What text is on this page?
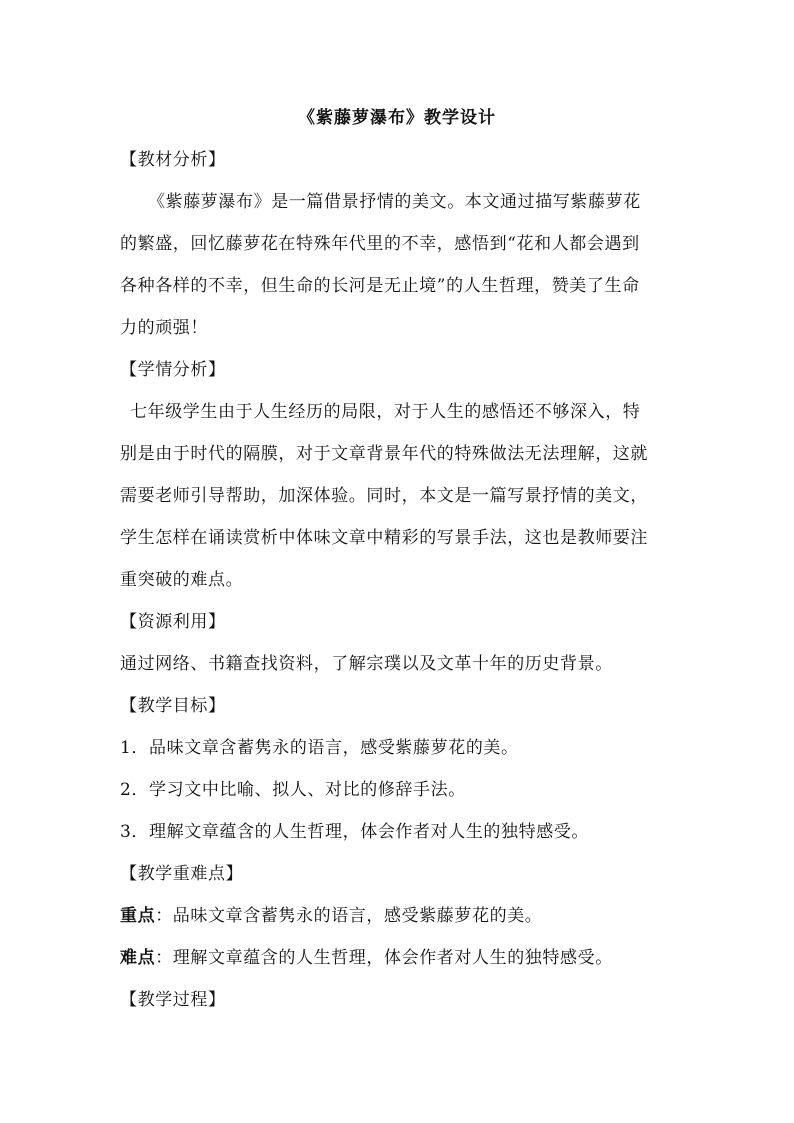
《紫藤萝瀑布》教学设计
【教材分析】
《紫藤萝瀑布》是一篇借景抒情的美文。本文通过描写紫藤萝花
的繁盛，回忆藤萝花在特殊年代里的不幸，感悟到“花和人都会遇到
各种各样的不幸，但生命的长河是无止境”的人生哲理，赞美了生命
力的顽强！
【学情分析】
七年级学生由于人生经历的局限，对于人生的感悟还不够深入，特
别是由于时代的隔膜，对于文章背景年代的特殊做法无法理解，这就
需要老师引导帮助，加深体验。同时，本文是一篇写景抒情的美文，
学生怎样在诵读赏析中体味文章中精彩的写景手法，这也是教师要注
重突破的难点。
【资源利用】
通过网络、书籍查找资料，了解宗璞以及文革十年的历史背景。
【教学目标】
1．品味文章含蓄隽永的语言，感受紫藤萝花的美。
2．学习文中比喻、拟人、对比的修辞手法。
3．理解文章蕴含的人生哲理，体会作者对人生的独特感受。
【教学重难点】
重点：品味文章含蓄隽永的语言，感受紫藤萝花的美。
难点：理解文章蕴含的人生哲理，体会作者对人生的独特感受。
【教学过程】
